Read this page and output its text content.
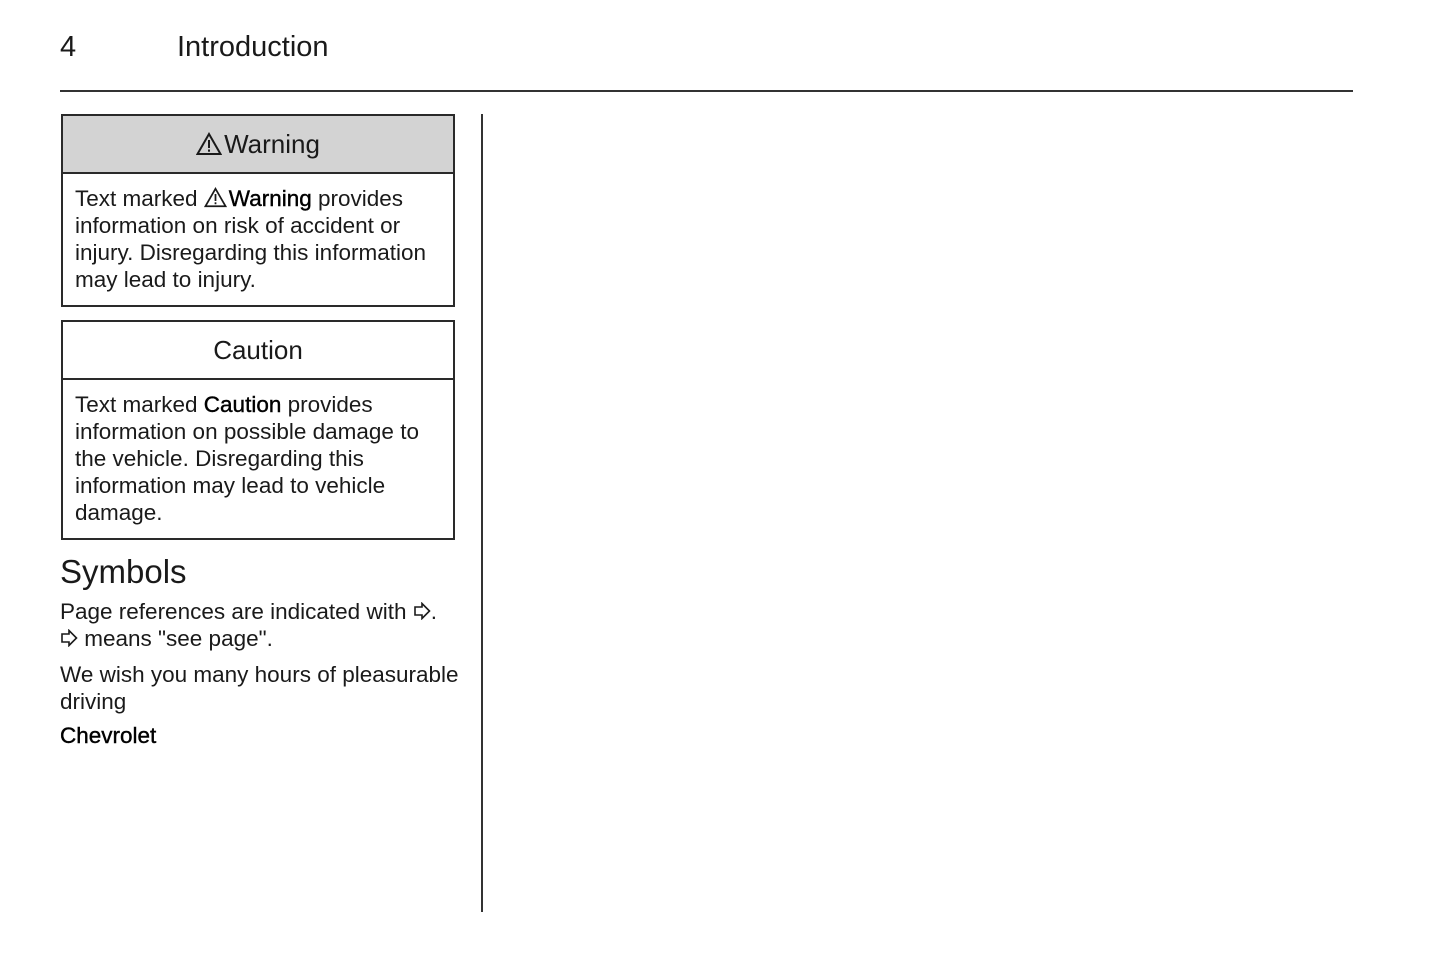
4	Introduction
Warning
Text marked Warning provides information on risk of accident or injury. Disregarding this information may lead to injury.
Caution
Text marked Caution provides information on possible damage to the vehicle. Disregarding this information may lead to vehicle damage.
Symbols
Page references are indicated with .
means "see page".
We wish you many hours of pleasurable driving
Chevrolet
